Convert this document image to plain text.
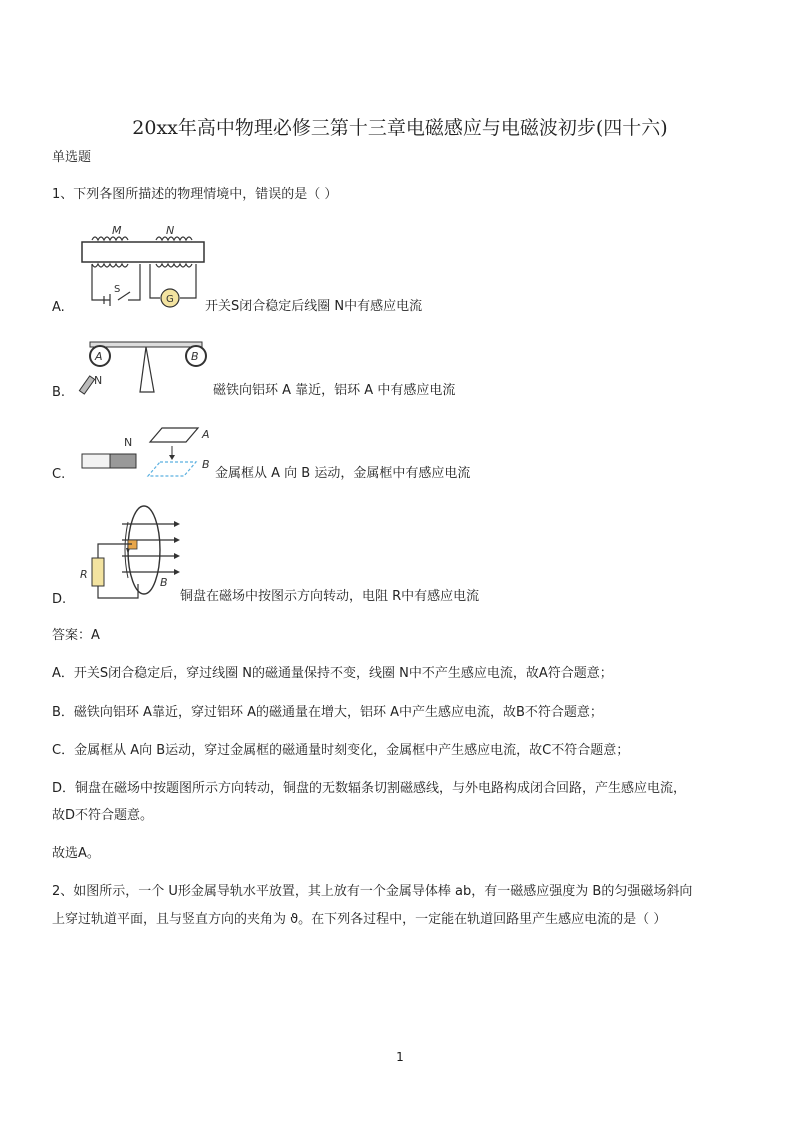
20xx年高中物理必修三第十三章电磁感应与电磁波初步(四十六)
单选题
1、下列各图所描述的物理情境中，错误的是（ ）
G
M	N
S
A.	开关S闭合稳定后线圈 N中有感应电流
A	B
N
B.	磁铁向铝环 A 靠近，铝环 A 中有感应电流
N
A
B
C.	金属框从 A 向 B 运动，金属框中有感应电流
R
B
D.	铜盘在磁场中按图示方向转动，电阻 R中有感应电流
答案：A
A．开关S闭合稳定后，穿过线圈 N的磁通量保持不变，线圈 N中不产生感应电流，故A符合题意；
B．磁铁向铝环 A靠近，穿过铝环 A的磁通量在增大，铝环 A中产生感应电流，故B不符合题意；
C．金属框从 A向 B运动，穿过金属框的磁通量时刻变化，金属框中产生感应电流，故C不符合题意；
D．铜盘在磁场中按题图所示方向转动，铜盘的无数辐条切割磁感线，与外电路构成闭合回路，产生感应电流，
故D不符合题意。
故选A。
2、如图所示，一个 U形金属导轨水平放置，其上放有一个金属导体棒 ab，有一磁感应强度为 B的匀强磁场斜向
上穿过轨道平面，且与竖直方向的夹角为 ϑ。在下列各过程中，一定能在轨道回路里产生感应电流的是（ ）
1
